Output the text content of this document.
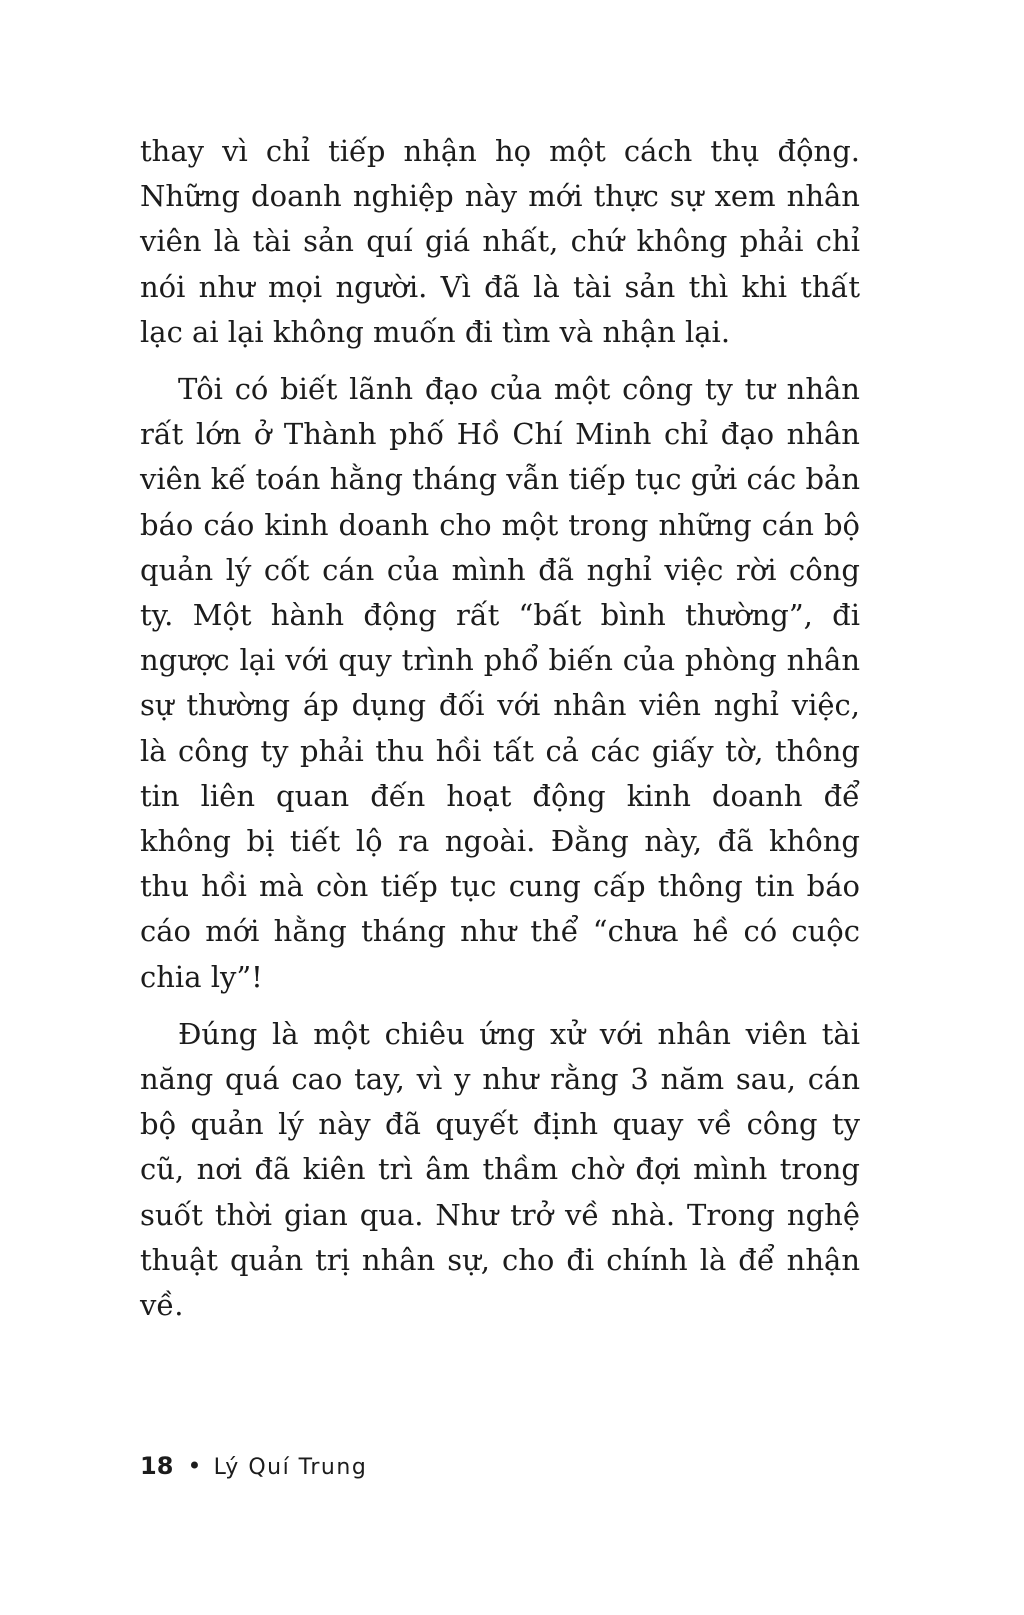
thay vì chỉ tiếp nhận họ một cách thụ động. Những doanh nghiệp này mới thực sự xem nhân viên là tài sản quí giá nhất, chứ không phải chỉ nói như mọi người. Vì đã là tài sản thì khi thất lạc ai lại không muốn đi tìm và nhận lại.

Tôi có biết lãnh đạo của một công ty tư nhân rất lớn ở Thành phố Hồ Chí Minh chỉ đạo nhân viên kế toán hằng tháng vẫn tiếp tục gửi các bản báo cáo kinh doanh cho một trong những cán bộ quản lý cốt cán của mình đã nghỉ việc rời công ty. Một hành động rất “bất bình thường”, đi ngược lại với quy trình phổ biến của phòng nhân sự thường áp dụng đối với nhân viên nghỉ việc, là công ty phải thu hồi tất cả các giấy tờ, thông tin liên quan đến hoạt động kinh doanh để không bị tiết lộ ra ngoài. Đằng này, đã không thu hồi mà còn tiếp tục cung cấp thông tin báo cáo mới hằng tháng như thể “chưa hề có cuộc chia ly”!

Đúng là một chiêu ứng xử với nhân viên tài năng quá cao tay, vì y như rằng 3 năm sau, cán bộ quản lý này đã quyết định quay về công ty cũ, nơi đã kiên trì âm thầm chờ đợi mình trong suốt thời gian qua. Như trở về nhà. Trong nghệ thuật quản trị nhân sự, cho đi chính là để nhận về.

18 • Lý Quí Trung
